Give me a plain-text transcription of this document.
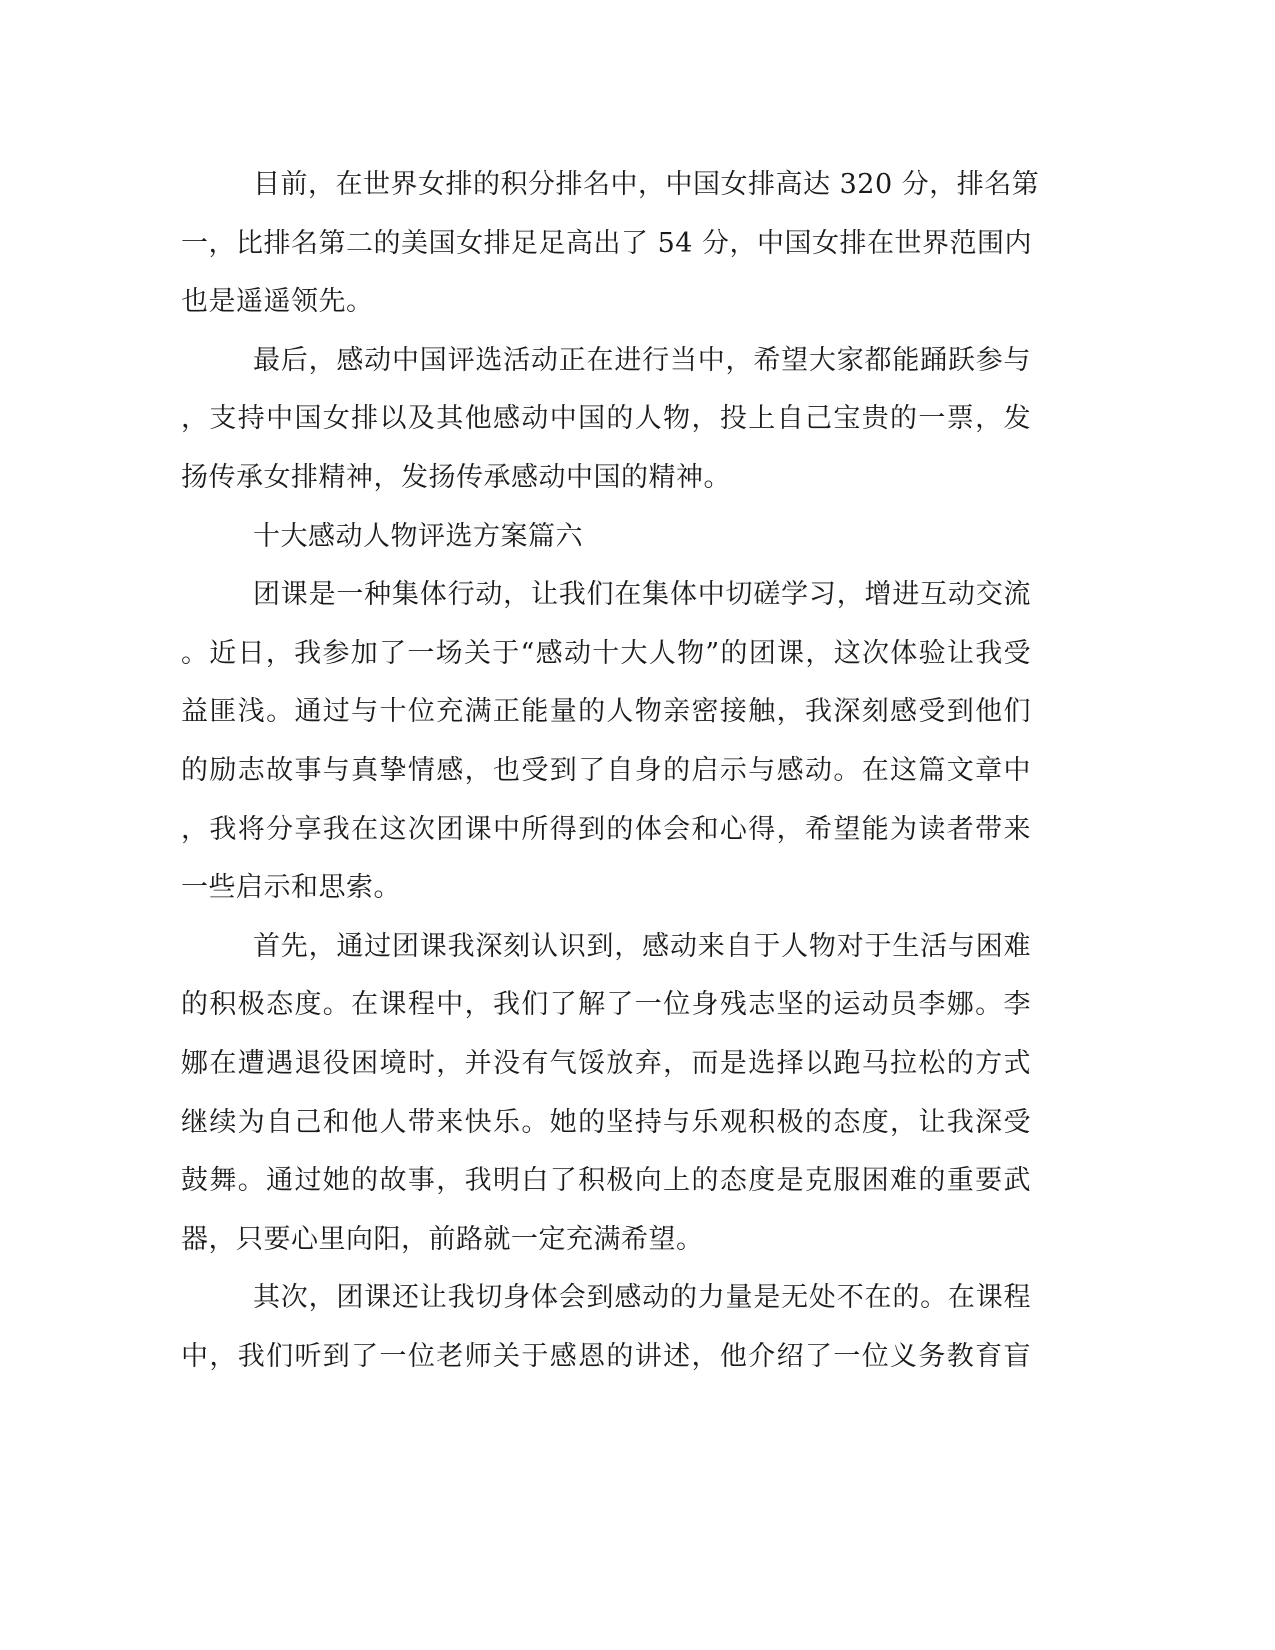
目前，在世界女排的积分排名中，中国女排高达 320 分，排名第
一，比排名第二的美国女排足足高出了 54 分，中国女排在世界范围内
也是遥遥领先。
最后，感动中国评选活动正在进行当中，希望大家都能踊跃参与
，支持中国女排以及其他感动中国的人物，投上自己宝贵的一票，发
扬传承女排精神，发扬传承感动中国的精神。
十大感动人物评选方案篇六
团课是一种集体行动，让我们在集体中切磋学习，增进互动交流
。近日，我参加了一场关于“感动十大人物”的团课，这次体验让我受
益匪浅。通过与十位充满正能量的人物亲密接触，我深刻感受到他们
的励志故事与真挚情感，也受到了自身的启示与感动。在这篇文章中
，我将分享我在这次团课中所得到的体会和心得，希望能为读者带来
一些启示和思索。
首先，通过团课我深刻认识到，感动来自于人物对于生活与困难
的积极态度。在课程中，我们了解了一位身残志坚的运动员李娜。李
娜在遭遇退役困境时，并没有气馁放弃，而是选择以跑马拉松的方式
继续为自己和他人带来快乐。她的坚持与乐观积极的态度，让我深受
鼓舞。通过她的故事，我明白了积极向上的态度是克服困难的重要武
器，只要心里向阳，前路就一定充满希望。
其次，团课还让我切身体会到感动的力量是无处不在的。在课程
中，我们听到了一位老师关于感恩的讲述，他介绍了一位义务教育盲
